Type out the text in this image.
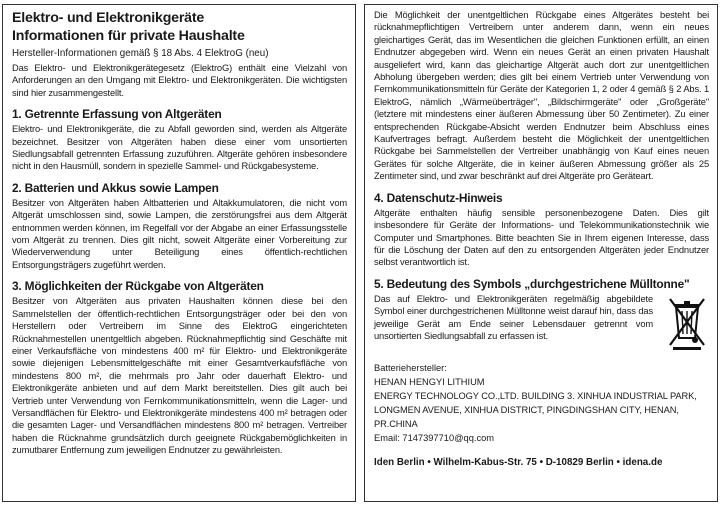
Elektro- und Elektronikgeräte
Informationen für private Haushalte
Hersteller-Informationen gemäß § 18 Abs. 4 ElektroG (neu)

Das Elektro- und Elektronikgerätegesetz (ElektroG) enthält eine Vielzahl von Anforderungen an den Umgang mit Elektro- und Elektronikgeräten. Die wichtigsten sind hier zusammengestellt.

1. Getrennte Erfassung von Altgeräten

Elektro- und Elektronikgeräte, die zu Abfall geworden sind, werden als Altgeräte bezeichnet. Besitzer von Altgeräten haben diese einer vom unsortierten Siedlungsabfall getrennten Erfassung zuzuführen. Altgeräte gehören insbesondere nicht in den Hausmüll, sondern in spezielle Sammel- und Rückgabesysteme.

2. Batterien und Akkus sowie Lampen

Besitzer von Altgeräten haben Altbatterien und Altakkumulatoren, die nicht vom Altgerät umschlossen sind, sowie Lampen, die zerstörungsfrei aus dem Altgerät entnommen werden können, im Regelfall vor der Abgabe an einer Erfassungsstelle vom Altgerät zu trennen. Dies gilt nicht, soweit Altgeräte einer Vorbereitung zur Wiederverwendung unter Beteiligung eines öffentlich-rechtlichen Entsorgungsträgers zugeführt werden.

3. Möglichkeiten der Rückgabe von Altgeräten

Besitzer von Altgeräten aus privaten Haushalten können diese bei den Sammelstellen der öffentlich-rechtlichen Entsorgungsträger oder bei den von Herstellern oder Vertreibern im Sinne des ElektroG eingerichteten Rücknahmestellen unentgeltlich abgeben. Rücknahmepflichtig sind Geschäfte mit einer Verkaufsfläche von mindestens 400 m² für Elektro- und Elektronikgeräte sowie diejenigen Lebensmittelgeschäfte mit einer Gesamtverkaufsfläche von mindestens 800 m², die mehrmals pro Jahr oder dauerhaft Elektro- und Elektronikgeräte anbieten und auf dem Markt bereitstellen. Dies gilt auch bei Vertrieb unter Verwendung von Fernkommunikationsmitteln, wenn die Lager- und Versandflächen für Elektro- und Elektronikgeräte mindestens 400 m² betragen oder die gesamten Lager- und Versandflächen mindestens 800 m² betragen. Vertreiber haben die Rücknahme grundsätzlich durch geeignete Rückgabemöglichkeiten in zumutbarer Entfernung zum jeweiligen Endnutzer zu gewährleisten.

Die Möglichkeit der unentgeltlichen Rückgabe eines Altgerätes besteht bei rücknahmepflichtigen Vertreibern unter anderem dann, wenn ein neues gleichartiges Gerät, das im Wesentlichen die gleichen Funktionen erfüllt, an einen Endnutzer abgegeben wird. Wenn ein neues Gerät an einen privaten Haushalt ausgeliefert wird, kann das gleichartige Altgerät auch dort zur unentgeltlichen Abholung übergeben werden; dies gilt bei einem Vertrieb unter Verwendung von Fernkommunikationsmitteln für Geräte der Kategorien 1, 2 oder 4 gemäß § 2 Abs. 1 ElektroG, nämlich „Wärmeüberträger", „Bildschirmgeräte" oder „Großgeräte" (letztere mit mindestens einer äußeren Abmessung über 50 Zentimeter). Zu einer entsprechenden Rückgabe-Absicht werden Endnutzer beim Abschluss eines Kaufvertrages befragt. Außerdem besteht die Möglichkeit der unentgeltlichen Rückgabe bei Sammelstellen der Vertreiber unabhängig von Kauf eines neuen Gerätes für solche Altgeräte, die in keiner äußeren Abmessung größer als 25 Zentimeter sind, und zwar beschränkt auf drei Altgeräte pro Geräteart.

4. Datenschutz-Hinweis

Altgeräte enthalten häufig sensible personenbezogene Daten. Dies gilt insbesondere für Geräte der Informations- und Telekommunikationstechnik wie Computer und Smartphones. Bitte beachten Sie in Ihrem eigenen Interesse, dass für die Löschung der Daten auf den zu entsorgenden Altgeräten jeder Endnutzer selbst verantwortlich ist.

5. Bedeutung des Symbols „durchgestrichene Mülltonne"

Das auf Elektro- und Elektronikgeräten regelmäßig abgebildete Symbol einer durchgestrichenen Mülltonne weist darauf hin, dass das jeweilige Gerät am Ende seiner Lebensdauer getrennt vom unsortierten Siedlungsabfall zu erfassen ist.

Batteriehersteller:
HENAN HENGYI LITHIUM

ENERGY TECHNOLOGY CO.,LTD. BUILDING 3. XINHUA INDUSTRIAL PARK, LONGMEN AVENUE, XINHUA DISTRICT, PINGDINGSHAN CITY, HENAN, PR.CHINA

Email: 7147397710@qq.com
Iden Berlin • Wilhelm-Kabus-Str. 75 • D-10829 Berlin • idena.de
